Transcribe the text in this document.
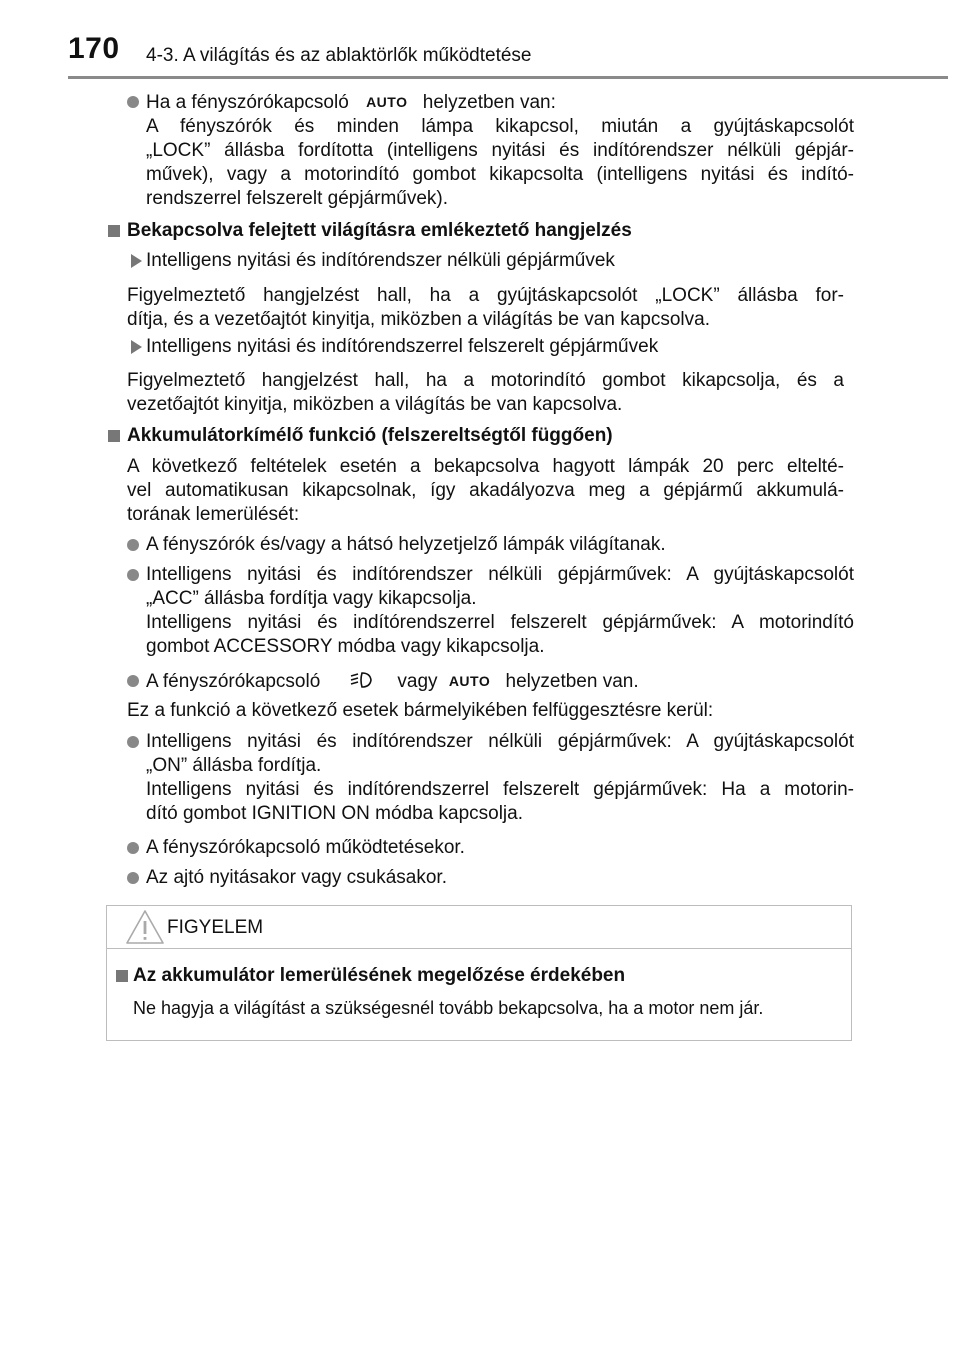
170 4-3. A világítás és az ablaktörlők működtetése
Ha a fényszórókapcsoló AUTO helyzetben van:
A fényszórók és minden lámpa kikapcsol, miután a gyújtáskapcsolót
„LOCK” állásba fordította (intelligens nyitási és indítórendszer nélküli gépjár-
művek), vagy a motorindító gombot kikapcsolta (intelligens nyitási és indító-
rendszerrel felszerelt gépjárművek).
Bekapcsolva felejtett világításra emlékeztető hangjelzés
Intelligens nyitási és indítórendszer nélküli gépjárművek
Figyelmeztető hangjelzést hall, ha a gyújtáskapcsolót „LOCK” állásba for-
dítja, és a vezetőajtót kinyitja, miközben a világítás be van kapcsolva.
Intelligens nyitási és indítórendszerrel felszerelt gépjárművek
Figyelmeztető hangjelzést hall, ha a motorindító gombot kikapcsolja, és a
vezetőajtót kinyitja, miközben a világítás be van kapcsolva.
Akkumulátorkímélő funkció (felszereltségtől függően)
A következő feltételek esetén a bekapcsolva hagyott lámpák 20 perc eltelté-
vel automatikusan kikapcsolnak, így akadályozva meg a gépjármű akkumulá-
torának lemerülését:
A fényszórók és/vagy a hátsó helyzetjelző lámpák világítanak.
Intelligens nyitási és indítórendszer nélküli gépjárművek: A gyújtáskapcsolót
„ACC” állásba fordítja vagy kikapcsolja.
Intelligens nyitási és indítórendszerrel felszerelt gépjárművek: A motorindító
gombot ACCESSORY módba vagy kikapcsolja.
A fényszórókapcsoló	vagy AUTO helyzetben van.
Ez a funkció a következő esetek bármelyikében felfüggesztésre kerül:
Intelligens nyitási és indítórendszer nélküli gépjárművek: A gyújtáskapcsolót
„ON” állásba fordítja.
Intelligens nyitási és indítórendszerrel felszerelt gépjárművek: Ha a motorin-
dító gombot IGNITION ON módba kapcsolja.
A fényszórókapcsoló működtetésekor.
Az ajtó nyitásakor vagy csukásakor.
FIGYELEM
Az akkumulátor lemerülésének megelőzése érdekében
Ne hagyja a világítást a szükségesnél tovább bekapcsolva, ha a motor nem jár.
